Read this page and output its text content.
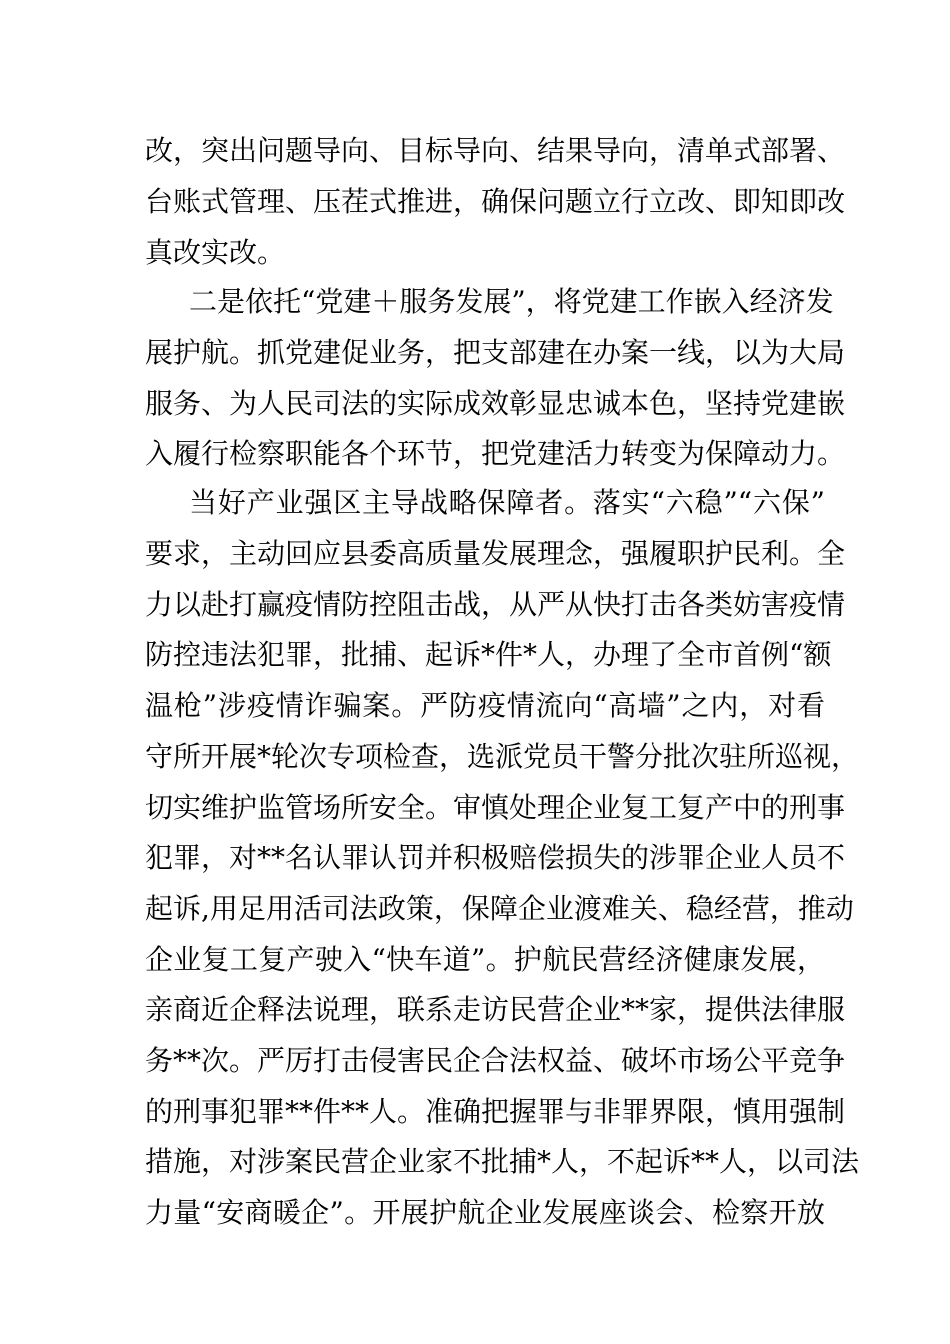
改，突出问题导向、目标导向、结果导向，清单式部署、
台账式管理、压茬式推进，确保问题立行立改、即知即改
真改实改。
二是依托“党建＋服务发展”，将党建工作嵌入经济发
展护航。抓党建促业务，把支部建在办案一线，以为大局
服务、为人民司法的实际成效彰显忠诚本色，坚持党建嵌
入履行检察职能各个环节，把党建活力转变为保障动力。
当好产业强区主导战略保障者。落实“六稳”“六保”
要求，主动回应县委高质量发展理念，强履职护民利。全
力以赴打赢疫情防控阻击战，从严从快打击各类妨害疫情
防控违法犯罪，批捕、起诉*件*人，办理了全市首例“额
温枪”涉疫情诈骗案。严防疫情流向“高墙”之内，对看
守所开展*轮次专项检查，选派党员干警分批次驻所巡视，
切实维护监管场所安全。审慎处理企业复工复产中的刑事
犯罪，对**名认罪认罚并积极赔偿损失的涉罪企业人员不
起诉,用足用活司法政策，保障企业渡难关、稳经营，推动
企业复工复产驶入“快车道”。护航民营经济健康发展，
亲商近企释法说理，联系走访民营企业**家，提供法律服
务**次。严厉打击侵害民企合法权益、破坏市场公平竞争
的刑事犯罪**件**人。准确把握罪与非罪界限，慎用强制
措施，对涉案民营企业家不批捕*人，不起诉**人，以司法
力量“安商暖企”。开展护航企业发展座谈会、检察开放
